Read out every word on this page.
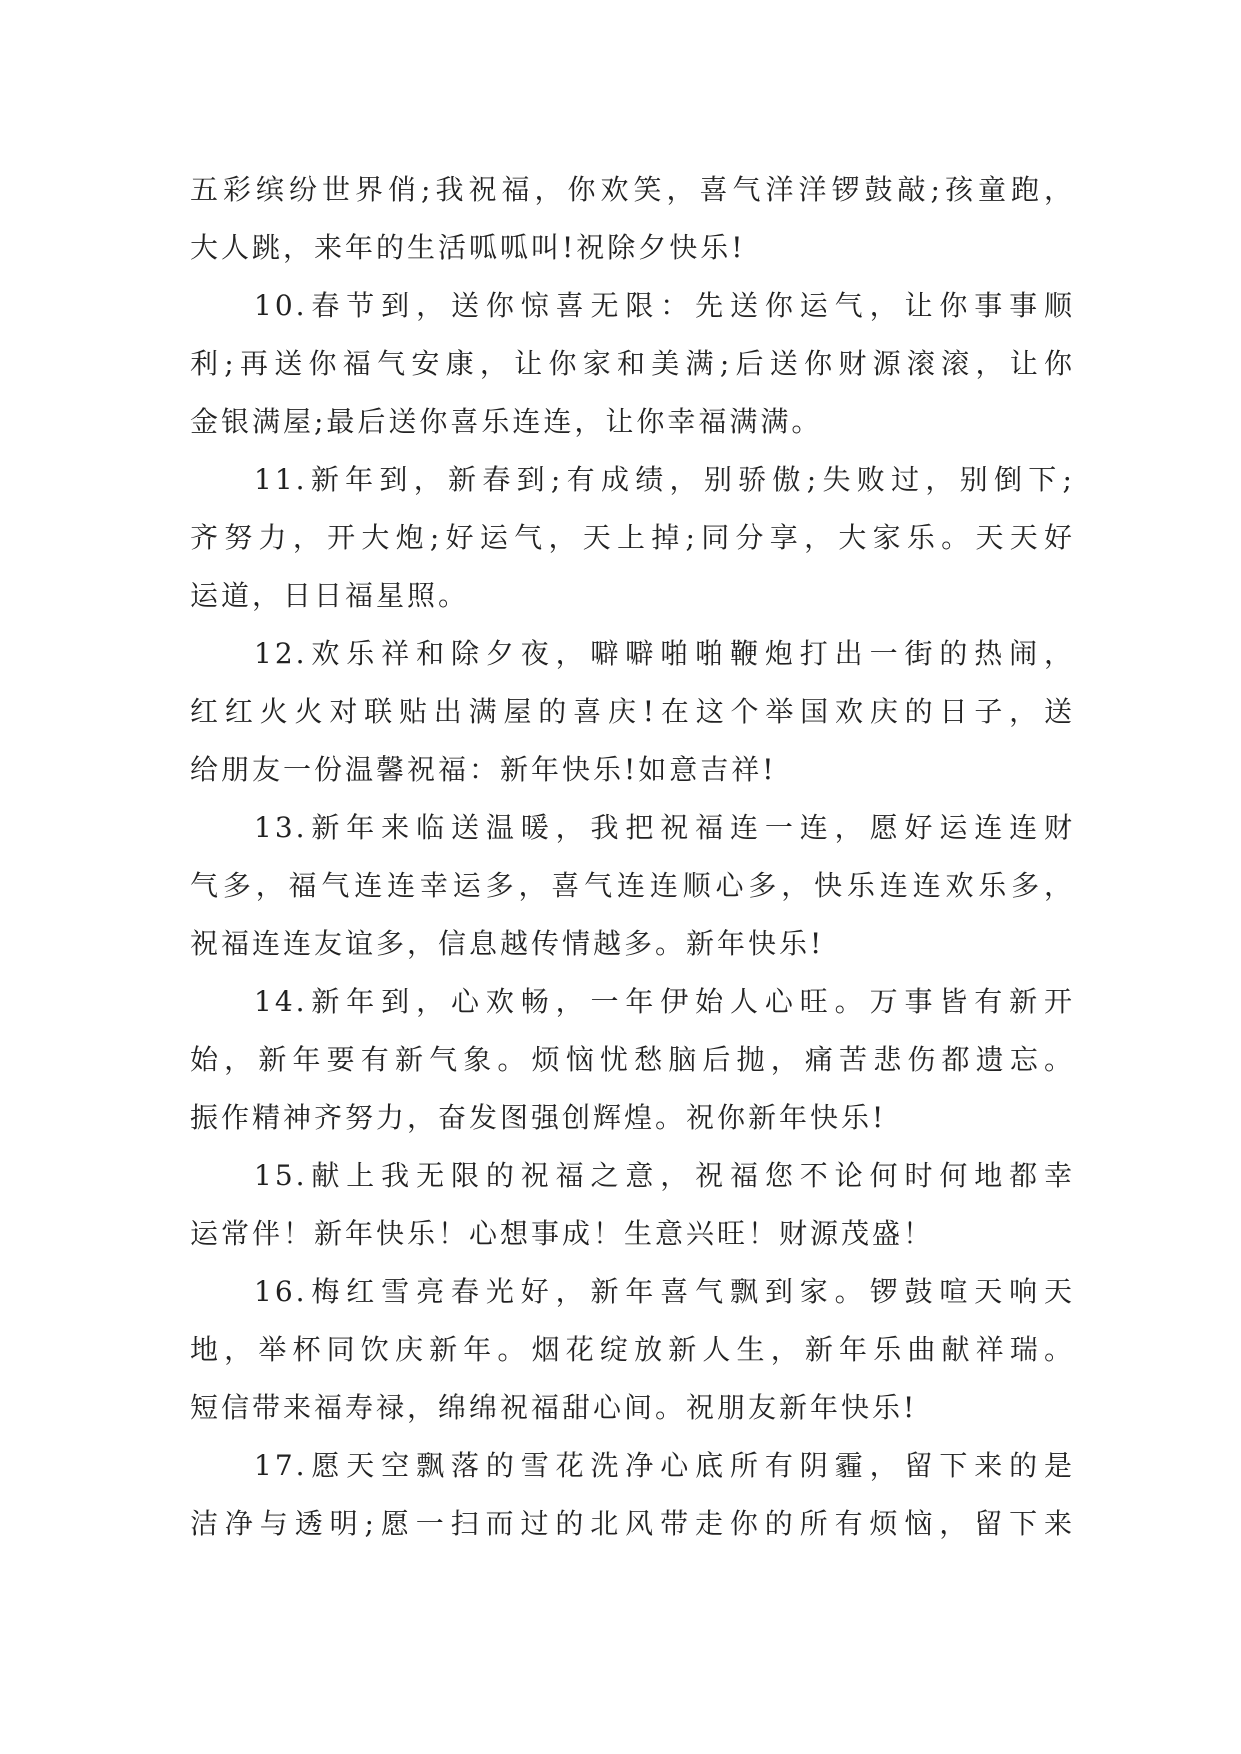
五彩缤纷世界俏;我祝福，你欢笑，喜气洋洋锣鼓敲;孩童跑，
大人跳，来年的生活呱呱叫!祝除夕快乐!
10.春节到，送你惊喜无限：先送你运气，让你事事顺
利;再送你福气安康，让你家和美满;后送你财源滚滚，让你
金银满屋;最后送你喜乐连连，让你幸福满满。
11.新年到，新春到;有成绩，别骄傲;失败过，别倒下;
齐努力，开大炮;好运气，天上掉;同分享，大家乐。天天好
运道，日日福星照。
12.欢乐祥和除夕夜，噼噼啪啪鞭炮打出一街的热闹，
红红火火对联贴出满屋的喜庆!在这个举国欢庆的日子，送
给朋友一份温馨祝福：新年快乐!如意吉祥!
13.新年来临送温暖，我把祝福连一连，愿好运连连财
气多，福气连连幸运多，喜气连连顺心多，快乐连连欢乐多，
祝福连连友谊多，信息越传情越多。新年快乐!
14.新年到，心欢畅，一年伊始人心旺。万事皆有新开
始，新年要有新气象。烦恼忧愁脑后抛，痛苦悲伤都遗忘。
振作精神齐努力，奋发图强创辉煌。祝你新年快乐!
15.献上我无限的祝福之意，祝福您不论何时何地都幸
运常伴！新年快乐！心想事成！生意兴旺！财源茂盛！
16.梅红雪亮春光好，新年喜气飘到家。锣鼓喧天响天
地，举杯同饮庆新年。烟花绽放新人生，新年乐曲献祥瑞。
短信带来福寿禄，绵绵祝福甜心间。祝朋友新年快乐!
17.愿天空飘落的雪花洗净心底所有阴霾，留下来的是
洁净与透明;愿一扫而过的北风带走你的所有烦恼，留下来
